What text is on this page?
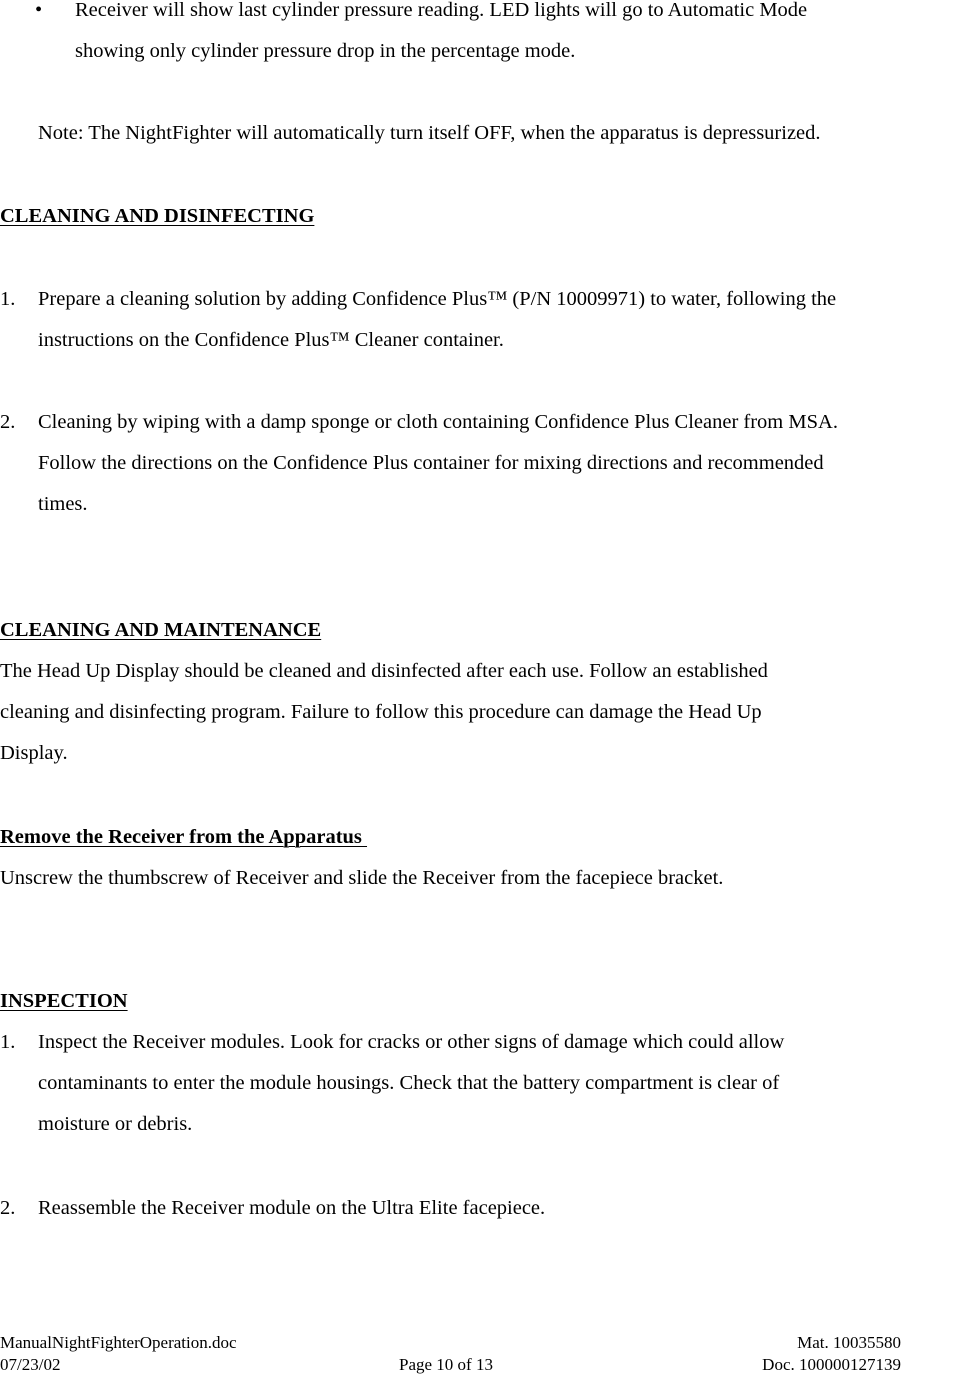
• Receiver will show last cylinder pressure reading. LED lights will go to Automatic Mode
showing only cylinder pressure drop in the percentage mode.
Note: The NightFighter will automatically turn itself OFF, when the apparatus is depressurized.
CLEANING AND DISINFECTING
1. Prepare a cleaning solution by adding Confidence Plus™ (P/N 10009971) to water, following the
instructions on the Confidence Plus™ Cleaner container.
2. Cleaning by wiping with a damp sponge or cloth containing Confidence Plus Cleaner from MSA.
Follow the directions on the Confidence Plus container for mixing directions and recommended
times.
CLEANING AND MAINTENANCE
The Head Up Display should be cleaned and disinfected after each use. Follow an established
cleaning and disinfecting program. Failure to follow this procedure can damage the Head Up
Display.
Remove the Receiver from the Apparatus
Unscrew the thumbscrew of Receiver and slide the Receiver from the facepiece bracket.
INSPECTION
1. Inspect the Receiver modules. Look for cracks or other signs of damage which could allow
contaminants to enter the module housings. Check that the battery compartment is clear of
moisture or debris.
2. Reassemble the Receiver module on the Ultra Elite facepiece.
ManualNightFighterOperation.doc
07/23/02	Page 10 of 13
Mat. 10035580
Doc. 100000127139
